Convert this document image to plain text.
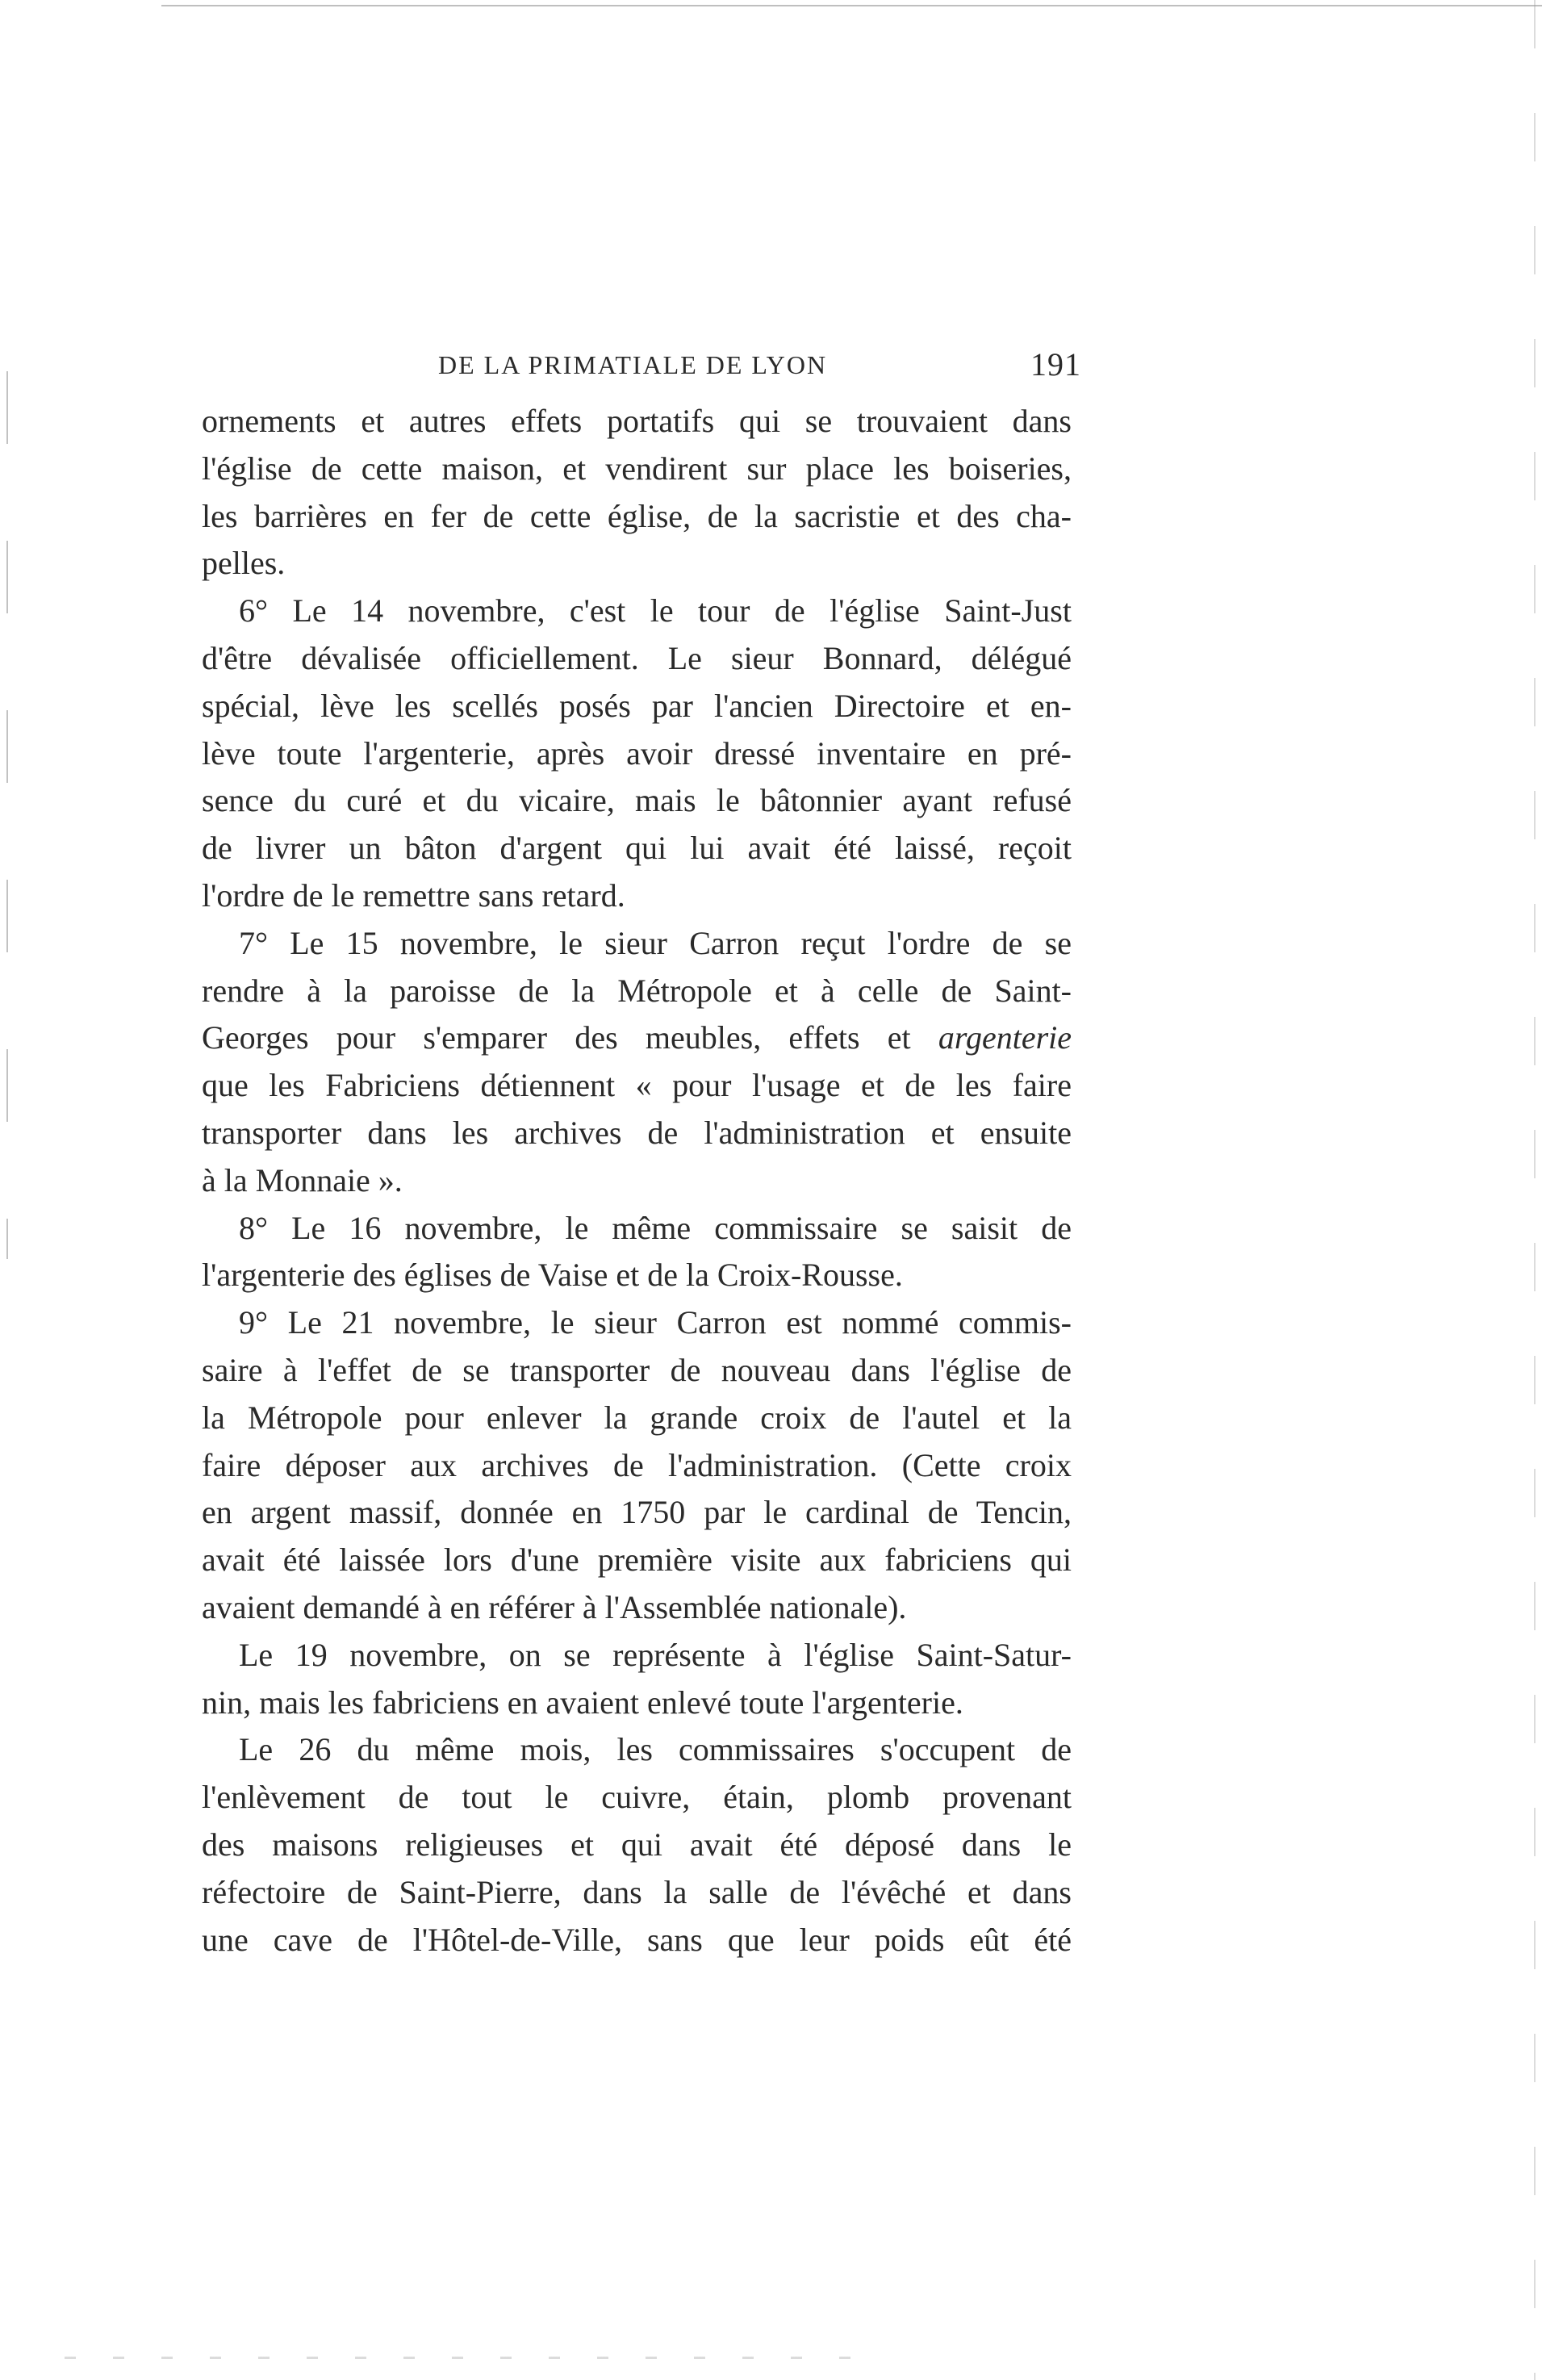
DE LA PRIMATIALE DE LYON	191
ornements et autres effets portatifs qui se trouvaient dans
l'église de cette maison, et vendirent sur place les boiseries,
les barrières en fer de cette église, de la sacristie et des cha-
pelles.
6° Le 14 novembre, c'est le tour de l'église Saint-Just
d'être dévalisée officiellement. Le sieur Bonnard, délégué
spécial, lève les scellés posés par l'ancien Directoire et en-
lève toute l'argenterie, après avoir dressé inventaire en pré-
sence du curé et du vicaire, mais le bâtonnier ayant refusé
de livrer un bâton d'argent qui lui avait été laissé, reçoit
l'ordre de le remettre sans retard.
7° Le 15 novembre, le sieur Carron reçut l'ordre de se
rendre à la paroisse de la Métropole et à celle de Saint-
Georges pour s'emparer des meubles, effets et argenterie
que les Fabriciens détiennent « pour l'usage et de les faire
transporter dans les archives de l'administration et ensuite
à la Monnaie ».
8° Le 16 novembre, le même commissaire se saisit de
l'argenterie des églises de Vaise et de la Croix-Rousse.
9° Le 21 novembre, le sieur Carron est nommé commis-
saire à l'effet de se transporter de nouveau dans l'église de
la Métropole pour enlever la grande croix de l'autel et la
faire déposer aux archives de l'administration. (Cette croix
en argent massif, donnée en 1750 par le cardinal de Tencin,
avait été laissée lors d'une première visite aux fabriciens qui
avaient demandé à en référer à l'Assemblée nationale).
Le 19 novembre, on se représente à l'église Saint-Satur-
nin, mais les fabriciens en avaient enlevé toute l'argenterie.
Le 26 du même mois, les commissaires s'occupent de
l'enlèvement de tout le cuivre, étain, plomb provenant
des maisons religieuses et qui avait été déposé dans le
réfectoire de Saint-Pierre, dans la salle de l'évêché et dans
une cave de l'Hôtel-de-Ville, sans que leur poids eût été
